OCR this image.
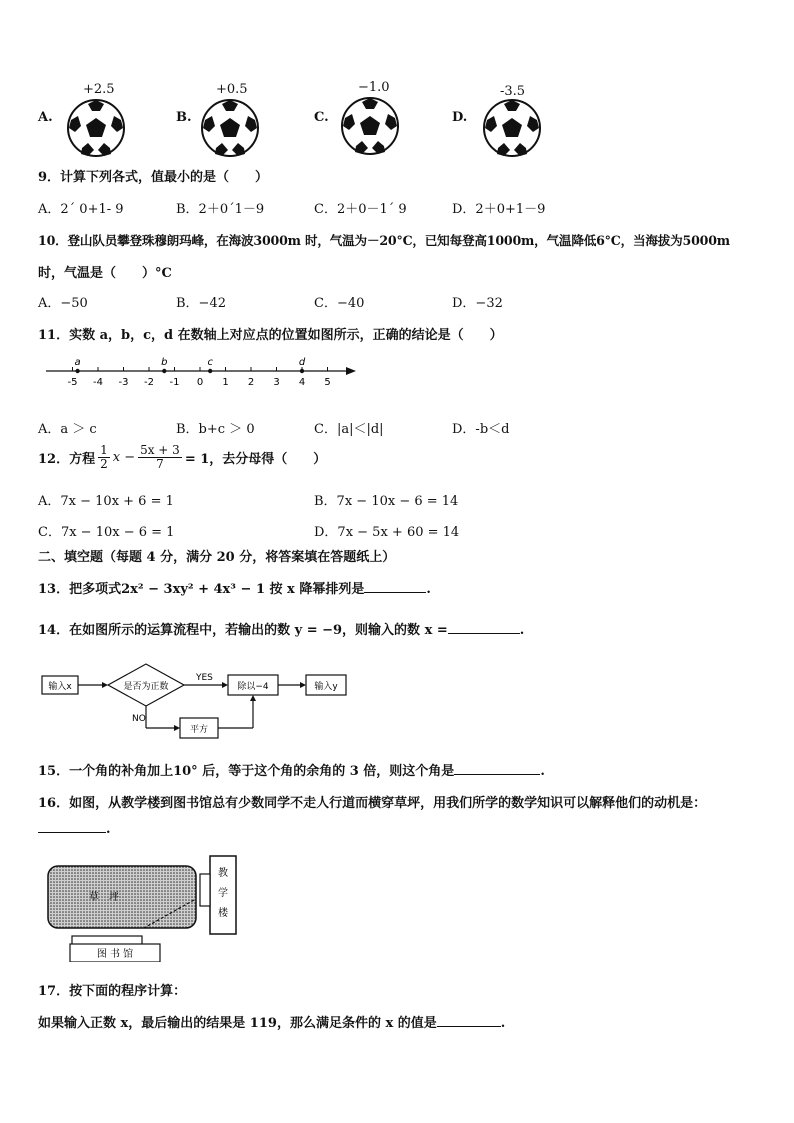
A.
+2.5
B.
+0.5
C.
−1.0
D.
-3.5
9．计算下列各式，值最小的是（　　）
A．2´ 0+1- 9	B．2＋0´1－9	C．2＋0－1´ 9	D．2＋0+1－9
10．登山队员攀登珠穆朗玛峰，在海波3000m 时，气温为－20°C，已知每登高1000m，气温降低6°C，当海拔为5000m
时，气温是（　　）°C
A．−50	B．−42	C．−40	D．−32
11．实数 a，b，c，d 在数轴上对应点的位置如图所示，正确的结论是（　　）
-5 -4 -3 -2 -1 0 1 2 3 4 5
a	b	c	d
A．a ＞ c	B．b+c ＞ 0	C．|a|＜|d|	D．-b＜d
12．方程 $\frac{1}{2}$ $x - \frac{5x + 3}{7} = 1$，去分母得（　　）
A．7x − 10x + 6 = 1	B．7x − 10x − 6 = 14
C．7x − 10x − 6 = 1	D．7x − 5x + 60 = 14
二、填空题（每题 4 分，满分 20 分，将答案填在答题纸上）
13．把多项式2x² − 3xy² + 4x³ − 1 按 x 降幂排列是	.
14．在如图所示的运算流程中，若输出的数 y = −9，则输入的数 x =	.
输入x	是否为正数
YES
除以−4	输入y
NO
平方
15．一个角的补角加上10° 后，等于这个角的余角的 3 倍，则这个角是	.
16．如图，从教学楼到图书馆总有少数同学不走人行道而横穿草坪，用我们所学的数学知识可以解释他们的动机是：
.
草　坪
教
学
楼
图 书 馆
17．按下面的程序计算：
如果输入正数 x，最后输出的结果是 119，那么满足条件的 x 的值是	.
